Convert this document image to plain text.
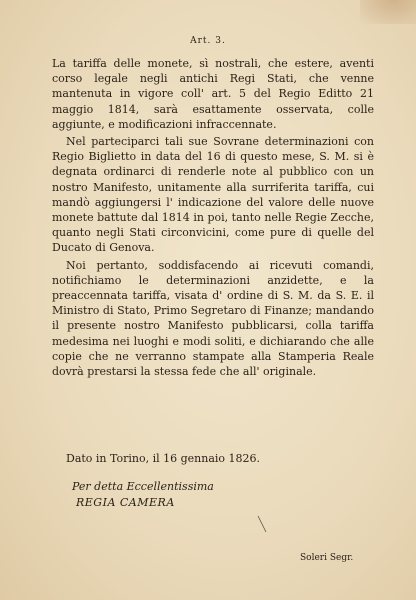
Art. 3.

La tariffa delle monete, sì nostrali, che estere, aventi corso legale negli antichi Regi Stati, che venne mantenuta in vigore coll' art. 5 del Regio Editto 21 maggio 1814, sarà esattamente osservata, colle aggiunte, e modificazioni infraccennate.

Nel parteciparci tali sue Sovrane determinazioni con Regio Biglietto in data del 16 di questo mese, S. M. si è degnata ordinarci di renderle note al pubblico con un nostro Manifesto, unitamente alla surriferita tariffa, cui mandò aggiungersi l' indicazione del valore delle nuove monete battute dal 1814 in poi, tanto nelle Regie Zecche, quanto negli Stati circonvicini, come pure di quelle del Ducato di Genova.

Noi pertanto, soddisfacendo ai ricevuti comandi, notifichiamo le determinazioni anzidette, e la preaccennata tariffa, visata d' ordine di S. M. da S. E. il Ministro di Stato, Primo Segretaro di Finanze; mandando il presente nostro Manifesto pubblicarsi, colla tariffa medesima nei luoghi e modi soliti, e dichiarando che alle copie che ne verranno stampate alla Stamperia Reale dovrà prestarsi la stessa fede che all' originale.

Dato in Torino, il 16 gennaio 1826.
Per detta Eccellentissima
REGIA CAMERA
Soleri Segr.
